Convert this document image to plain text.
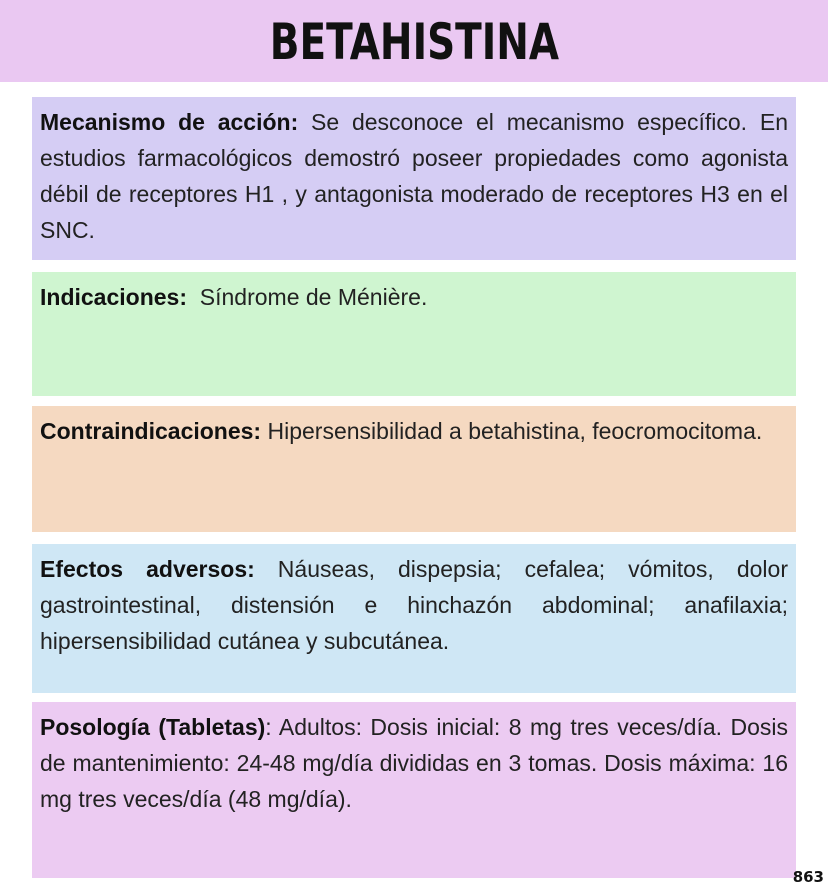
BETAHISTINA

Mecanismo de acción: Se desconoce el mecanismo específico. En estudios farmacológicos demostró poseer propiedades como agonista débil de receptores H1 , y antagonista moderado de receptores H3 en el SNC.

Indicaciones:  Síndrome de Ménière.

Contraindicaciones: Hipersensibilidad a betahistina, feocromocitoma.

Efectos adversos: Náuseas, dispepsia; cefalea; vómitos, dolor gastrointestinal, distensión e hinchazón abdominal; anafilaxia; hipersensibilidad cutánea y subcutánea.

Posología (Tabletas): Adultos: Dosis inicial: 8 mg tres veces/día. Dosis de mantenimiento: 24-48 mg/día divididas en 3 tomas. Dosis máxima: 16 mg tres veces/día (48 mg/día).

863
